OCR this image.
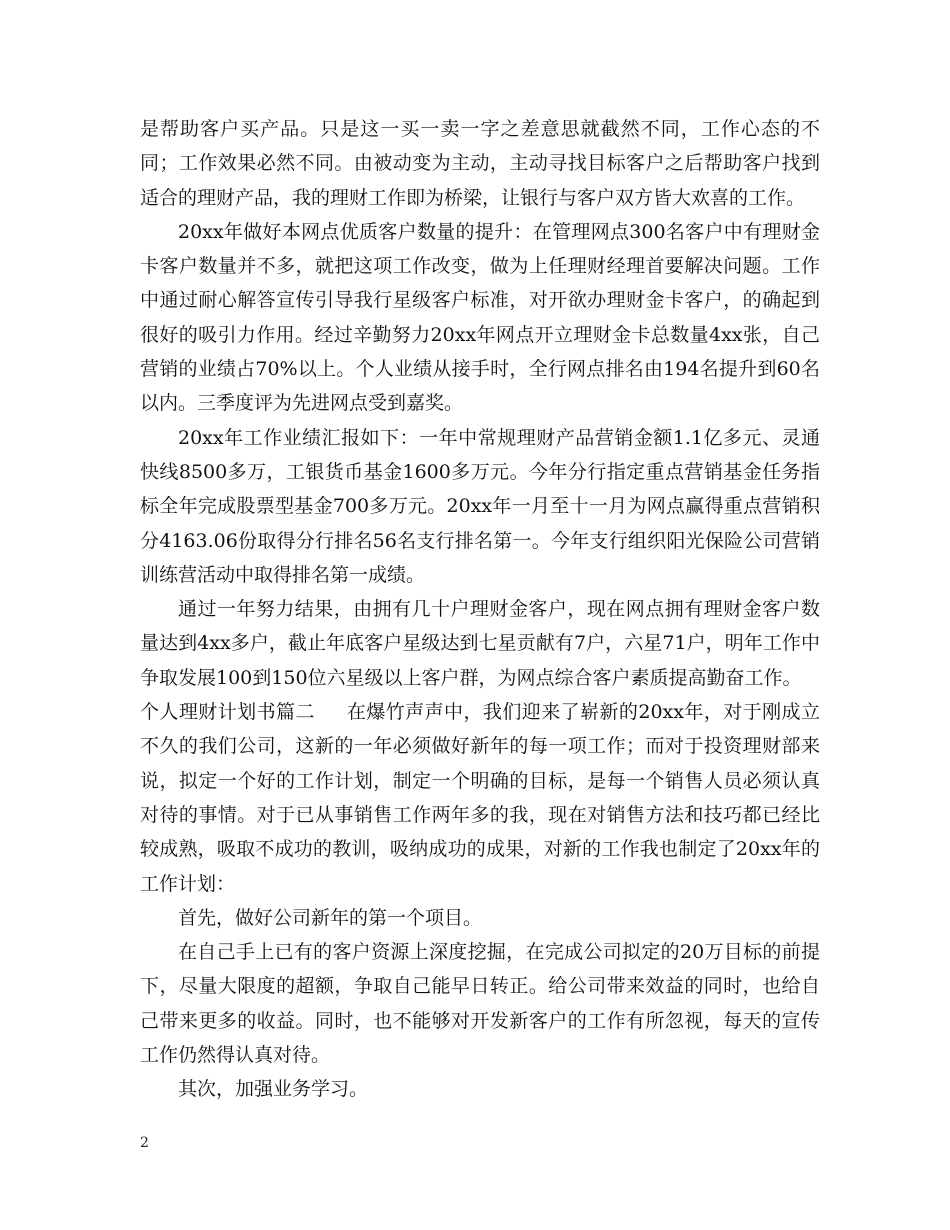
是帮助客户买产品。只是这一买一卖一字之差意思就截然不同，工作心态的不同；工作效果必然不同。由被动变为主动，主动寻找目标客户之后帮助客户找到适合的理财产品，我的理财工作即为桥梁，让银行与客户双方皆大欢喜的工作。

20xx年做好本网点优质客户数量的提升：在管理网点300名客户中有理财金卡客户数量并不多，就把这项工作改变，做为上任理财经理首要解决问题。工作中通过耐心解答宣传引导我行星级客户标准，对开欲办理财金卡客户，的确起到很好的吸引力作用。经过辛勤努力20xx年网点开立理财金卡总数量4xx张，自己营销的业绩占70%以上。个人业绩从接手时，全行网点排名由194名提升到60名以内。三季度评为先进网点受到嘉奖。

20xx年工作业绩汇报如下：一年中常规理财产品营销金额1.1亿多元、灵通快线8500多万，工银货币基金1600多万元。今年分行指定重点营销基金任务指标全年完成股票型基金700多万元。20xx年一月至十一月为网点赢得重点营销积分4163.06份取得分行排名56名支行排名第一。今年支行组织阳光保险公司营销训练营活动中取得排名第一成绩。

通过一年努力结果，由拥有几十户理财金客户，现在网点拥有理财金客户数量达到4xx多户，截止年底客户星级达到七星贡献有7户，六星71户，明年工作中争取发展100到150位六星级以上客户群，为网点综合客户素质提高勤奋工作。

个人理财计划书篇二 在爆竹声声中，我们迎来了崭新的20xx年，对于刚成立不久的我们公司，这新的一年必须做好新年的每一项工作；而对于投资理财部来说，拟定一个好的工作计划，制定一个明确的目标，是每一个销售人员必须认真对待的事情。对于已从事销售工作两年多的我，现在对销售方法和技巧都已经比较成熟，吸取不成功的教训，吸纳成功的成果，对新的工作我也制定了20xx年的工作计划：

首先，做好公司新年的第一个项目。

在自己手上已有的客户资源上深度挖掘，在完成公司拟定的20万目标的前提下，尽量大限度的超额，争取自己能早日转正。给公司带来效益的同时，也给自己带来更多的收益。同时，也不能够对开发新客户的工作有所忽视，每天的宣传工作仍然得认真对待。

其次，加强业务学习。

2
